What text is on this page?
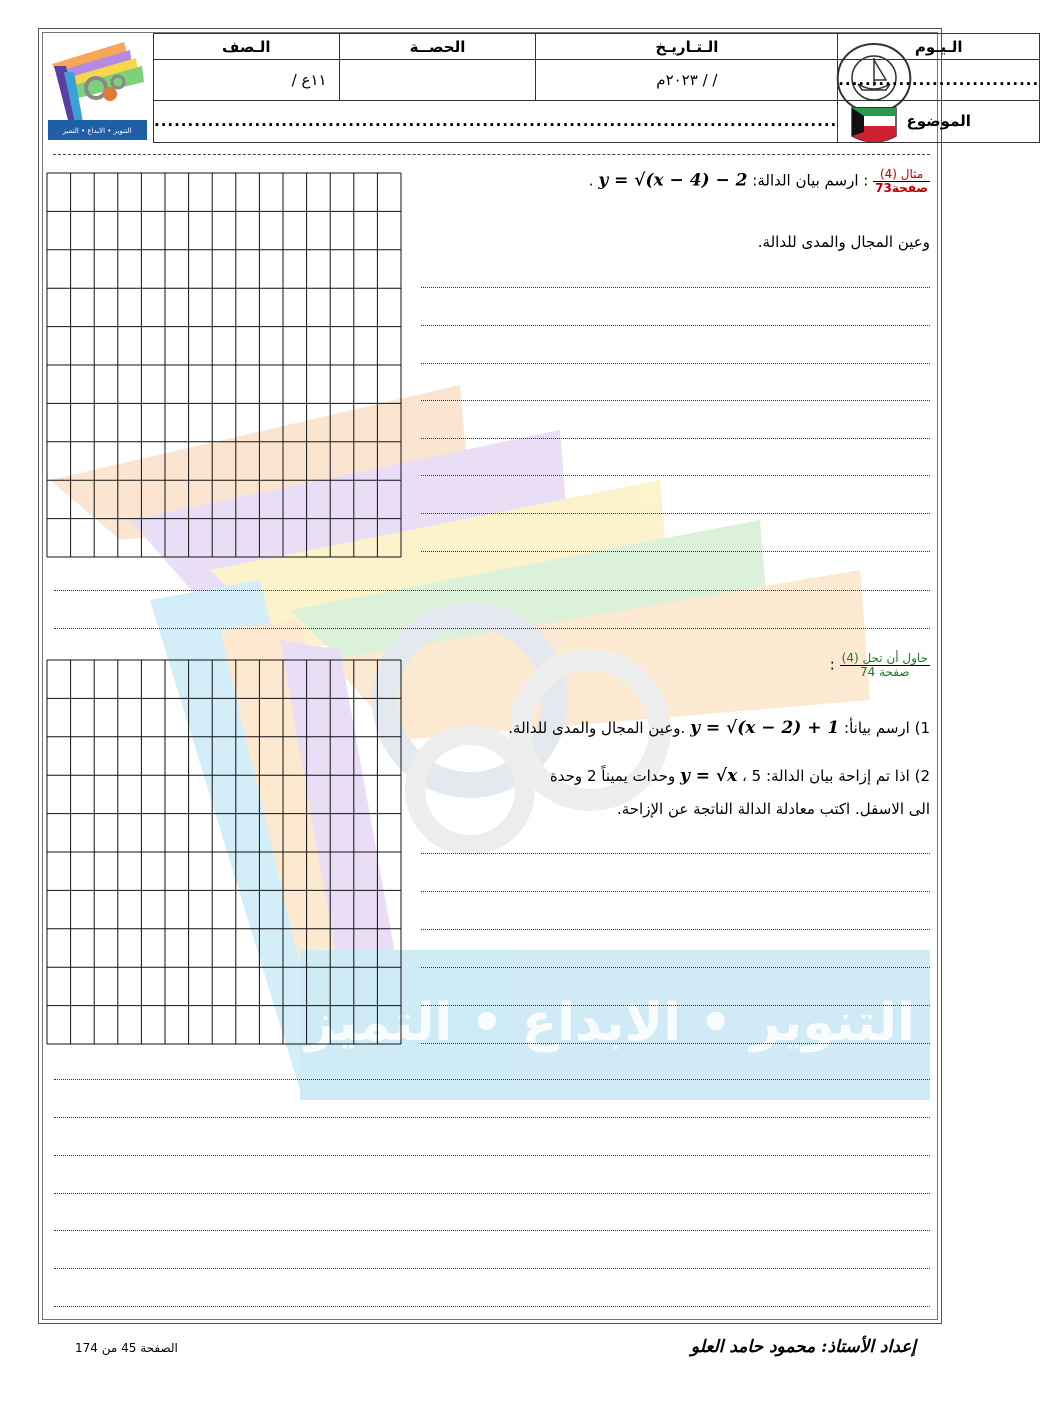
التنوير • الابداع • التميز
التنوير • الابداع • التميز
الـصف	الحصــة	الـتـاريـخ	الـيـوم
١١ع /		/ / ٢٠٢٣م	..............................
......................................................................................................			الموضوع
$\frac{\text{مثال (4)}}{\text{صفحة73}}$
: ارسم بيان الدالة: y = √(x − 4) − 2 .
وعين المجال والمدى للدالة.
$\frac{\text{حاول أن تحل (4)}}{\text{صفحة 74}}$
:
1) ارسم بيانأ: y = √(x − 2) + 1 .وعين المجال والمدى للدالة.
2) اذا تم إزاحة بيان الدالة: y = √x ، 5 وحدات يميناً 2 وحدة
الى الاسفل. اكتب معادلة الدالة الناتجة عن الإزاحة.
الصفحة 45 من 174	إعداد الأستاذ: محمود حامد العلو
